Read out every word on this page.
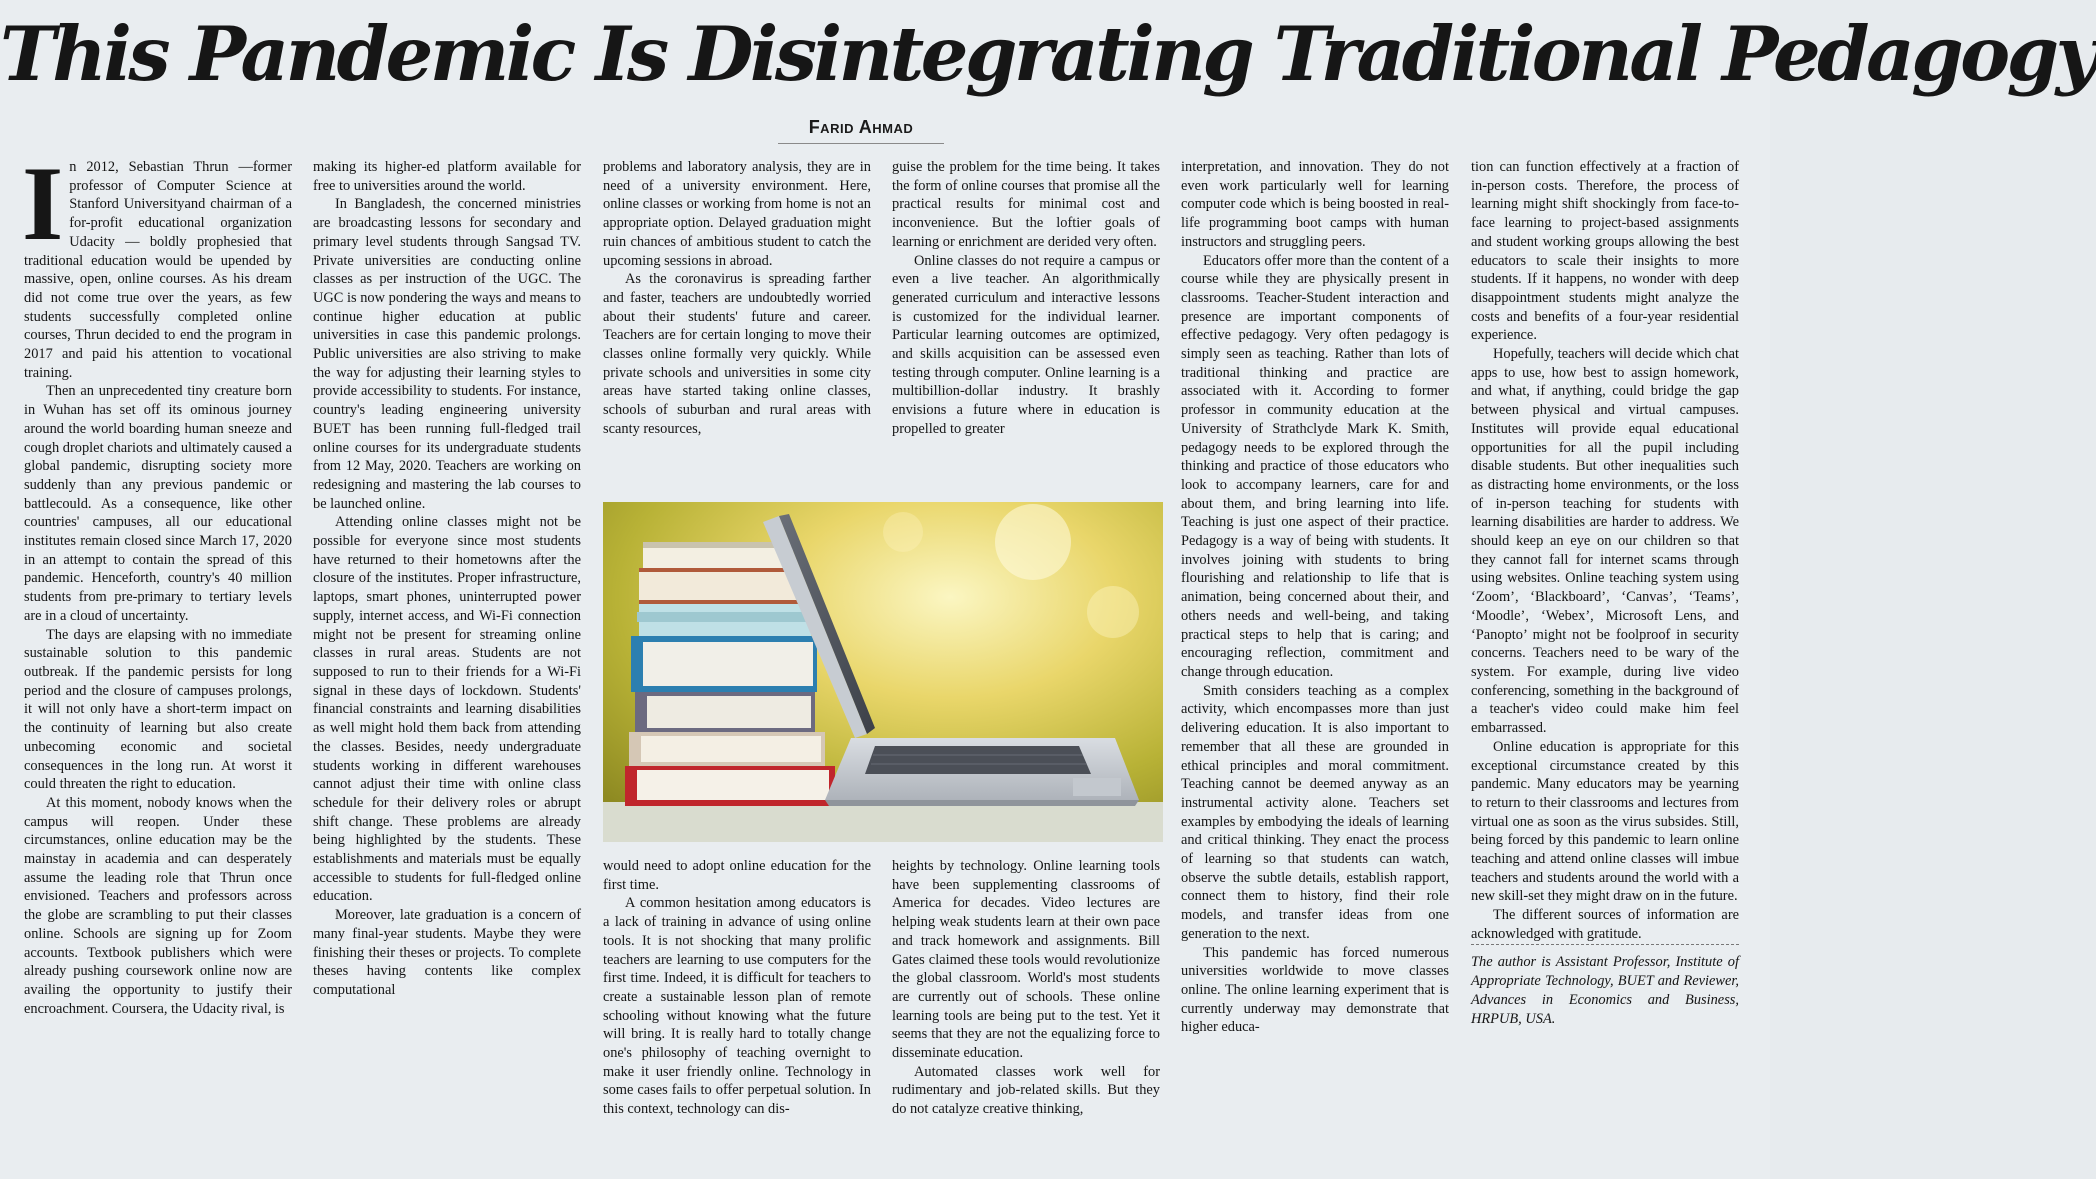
This Pandemic Is Disintegrating Traditional Pedagogy
Farid Ahmad

In 2012, Sebastian Thrun —former professor of Computer Science at Stanford Universityand chairman of a for-profit educational organization Udacity — boldly prophesied that traditional education would be upended by massive, open, online courses. As his dream did not come true over the years, as few students successfully completed online courses, Thrun decided to end the program in 2017 and paid his attention to vocational training.

Then an unprecedented tiny creature born in Wuhan has set off its ominous journey around the world boarding human sneeze and cough droplet chariots and ultimately caused a global pandemic, disrupting society more suddenly than any previous pandemic or battlecould. As a consequence, like other countries' campuses, all our educational institutes remain closed since March 17, 2020 in an attempt to contain the spread of this pandemic. Henceforth, country's 40 million students from pre-primary to tertiary levels are in a cloud of uncertainty.

The days are elapsing with no immediate sustainable solution to this pandemic outbreak. If the pandemic persists for long period and the closure of campuses prolongs, it will not only have a short-term impact on the continuity of learning but also create unbecoming economic and societal consequences in the long run. At worst it could threaten the right to education.

At this moment, nobody knows when the campus will reopen. Under these circumstances, online education may be the mainstay in academia and can desperately assume the leading role that Thrun once envisioned. Teachers and professors across the globe are scrambling to put their classes online. Schools are signing up for Zoom accounts. Textbook publishers which were already pushing coursework online now are availing the opportunity to justify their encroachment. Coursera, the Udacity rival, is

making its higher-ed platform available for free to universities around the world.

In Bangladesh, the concerned ministries are broadcasting lessons for secondary and primary level students through Sangsad TV. Private universities are conducting online classes as per instruction of the UGC. The UGC is now pondering the ways and means to continue higher education at public universities in case this pandemic prolongs. Public universities are also striving to make the way for adjusting their learning styles to provide accessibility to students. For instance, country's leading engineering university BUET has been running full-fledged trail online courses for its undergraduate students from 12 May, 2020. Teachers are working on redesigning and mastering the lab courses to be launched online.

Attending online classes might not be possible for everyone since most students have returned to their hometowns after the closure of the institutes. Proper infrastructure, laptops, smart phones, uninterrupted power supply, internet access, and Wi-Fi connection might not be present for streaming online classes in rural areas. Students are not supposed to run to their friends for a Wi-Fi signal in these days of lockdown. Students' financial constraints and learning disabilities as well might hold them back from attending the classes. Besides, needy undergraduate students working in different warehouses cannot adjust their time with online class schedule for their delivery roles or abrupt shift change. These problems are already being highlighted by the students. These establishments and materials must be equally accessible to students for full-fledged online education.

Moreover, late graduation is a concern of many final-year students. Maybe they were finishing their theses or projects. To complete theses having contents like complex computational

problems and laboratory analysis, they are in need of a university environment. Here, online classes or working from home is not an appropriate option. Delayed graduation might ruin chances of ambitious student to catch the upcoming sessions in abroad.

As the coronavirus is spreading farther and faster, teachers are undoubtedly worried about their students' future and career. Teachers are for certain longing to move their classes online formally very quickly. While private schools and universities in some city areas have started taking online classes, schools of suburban and rural areas with scanty resources,

guise the problem for the time being. It takes the form of online courses that promise all the practical results for minimal cost and inconvenience. But the loftier goals of learning or enrichment are derided very often.

Online classes do not require a campus or even a live teacher. An algorithmically generated curriculum and interactive lessons is customized for the individual learner. Particular learning outcomes are optimized, and skills acquisition can be assessed even testing through computer. Online learning is a multibillion-dollar industry. It brashly envisions a future where in education is propelled to greater

would need to adopt online education for the first time.

A common hesitation among educators is a lack of training in advance of using online tools. It is not shocking that many prolific teachers are learning to use computers for the first time. Indeed, it is difficult for teachers to create a sustainable lesson plan of remote schooling without knowing what the future will bring. It is really hard to totally change one's philosophy of teaching overnight to make it user friendly online. Technology in some cases fails to offer perpetual solution. In this context, technology can dis-

heights by technology. Online learning tools have been supplementing classrooms of America for decades. Video lectures are helping weak students learn at their own pace and track homework and assignments. Bill Gates claimed these tools would revolutionize the global classroom. World's most students are currently out of schools. These online learning tools are being put to the test. Yet it seems that they are not the equalizing force to disseminate education.

Automated classes work well for rudimentary and job-related skills. But they do not catalyze creative thinking,

interpretation, and innovation. They do not even work particularly well for learning computer code which is being boosted in real-life programming boot camps with human instructors and struggling peers.

Educators offer more than the content of a course while they are physically present in classrooms. Teacher-Student interaction and presence are important components of effective pedagogy. Very often pedagogy is simply seen as teaching. Rather than lots of traditional thinking and practice are associated with it. According to former professor in community education at the University of Strathclyde Mark K. Smith, pedagogy needs to be explored through the thinking and practice of those educators who look to accompany learners, care for and about them, and bring learning into life. Teaching is just one aspect of their practice. Pedagogy is a way of being with students. It involves joining with students to bring flourishing and relationship to life that is animation, being concerned about their, and others needs and well-being, and taking practical steps to help that is caring; and encouraging reflection, commitment and change through education.

Smith considers teaching as a complex activity, which encompasses more than just delivering education. It is also important to remember that all these are grounded in ethical principles and moral commitment. Teaching cannot be deemed anyway as an instrumental activity alone. Teachers set examples by embodying the ideals of learning and critical thinking. They enact the process of learning so that students can watch, observe the subtle details, establish rapport, connect them to history, find their role models, and transfer ideas from one generation to the next.

This pandemic has forced numerous universities worldwide to move classes online. The online learning experiment that is currently underway may demonstrate that higher educa-

tion can function effectively at a fraction of in-person costs. Therefore, the process of learning might shift shockingly from face-to-face learning to project-based assignments and student working groups allowing the best educators to scale their insights to more students. If it happens, no wonder with deep disappointment students might analyze the costs and benefits of a four-year residential experience.

Hopefully, teachers will decide which chat apps to use, how best to assign homework, and what, if anything, could bridge the gap between physical and virtual campuses. Institutes will provide equal educational opportunities for all the pupil including disable students. But other inequalities such as distracting home environments, or the loss of in-person teaching for students with learning disabilities are harder to address. We should keep an eye on our children so that they cannot fall for internet scams through using websites. Online teaching system using ‘Zoom’, ‘Blackboard’, ‘Canvas’, ‘Teams’, ‘Moodle’, ‘Webex’, Microsoft Lens, and ‘Panopto’ might not be foolproof in security concerns. Teachers need to be wary of the system. For example, during live video conferencing, something in the background of a teacher's video could make him feel embarrassed.

Online education is appropriate for this exceptional circumstance created by this pandemic. Many educators may be yearning to return to their classrooms and lectures from virtual one as soon as the virus subsides. Still, being forced by this pandemic to learn online teaching and attend online classes will imbue teachers and students around the world with a new skill-set they might draw on in the future.

The different sources of information are acknowledged with gratitude.

The author is Assistant Professor, Institute of Appropriate Technology, BUET and Reviewer, Advances in Economics and Business, HRPUB, USA.
